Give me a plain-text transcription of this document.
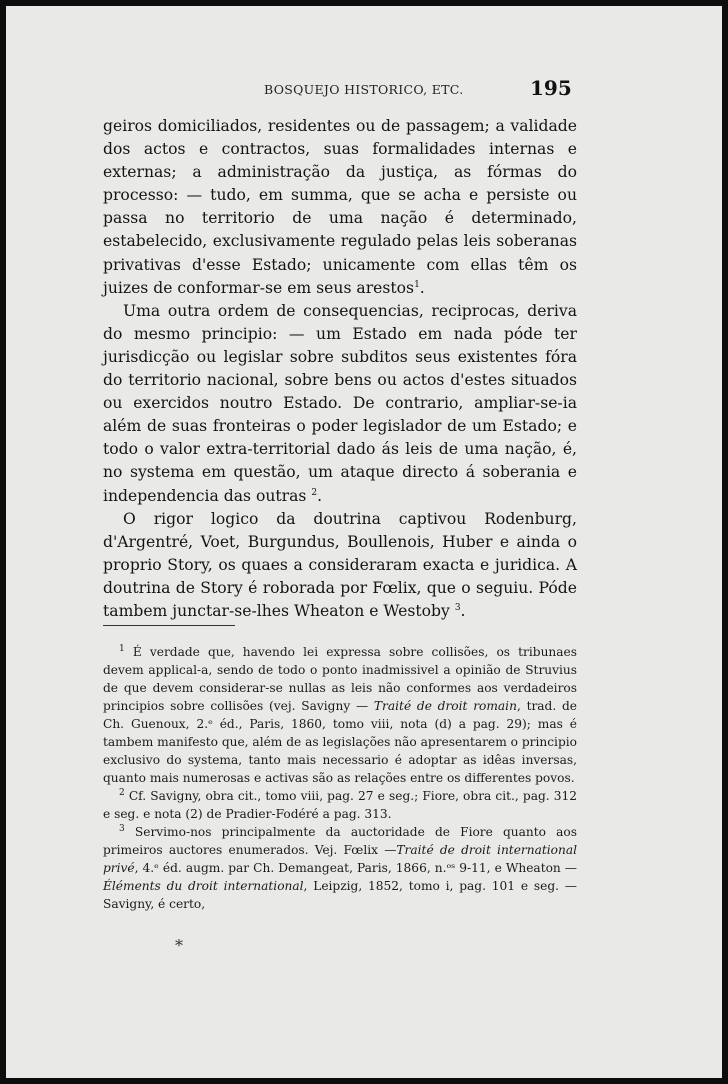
BOSQUEJO HISTORICO, ETC.	195

geiros domiciliados, residentes ou de passagem; a validade dos actos e contractos, suas formalidades internas e externas; a administração da justiça, as fórmas do processo: — tudo, em summa, que se acha e persiste ou passa no territorio de uma nação é determinado, estabelecido, exclusivamente regulado pelas leis soberanas privativas d'esse Estado; unicamente com ellas têm os juizes de conformar-se em seus arestos$^1$.

Uma outra ordem de consequencias, reciprocas, deriva do mesmo principio: — um Estado em nada póde ter jurisdicção ou legislar sobre subditos seus existentes fóra do territorio nacional, sobre bens ou actos d'estes situados ou exercidos noutro Estado. De contrario, ampliar-se-ia além de suas fronteiras o poder legislador de um Estado; e todo o valor extra-territorial dado ás leis de uma nação, é, no systema em questão, um ataque directo á soberania e independencia das outras $^2$.

O rigor logico da doutrina captivou Rodenburg, d'Argentré, Voet, Burgundus, Boullenois, Huber e ainda o proprio Story, os quaes a consideraram exacta e juridica. A doutrina de Story é roborada por Fœlix, que o seguiu. Póde tambem junctar-se-lhes Wheaton e Westoby $^3$.

$^1$ É verdade que, havendo lei expressa sobre collisões, os tribunaes devem applical-a, sendo de todo o ponto inadmissivel a opinião de Struvius de que devem considerar-se nullas as leis não conformes aos verdadeiros principios sobre collisões (vej. Savigny — Traité de droit romain, trad. de Ch. Guenoux, 2.ᵉ éd., Paris, 1860, tomo viii, nota (d) a pag. 29); mas é tambem manifesto que, além de as legislações não apresentarem o principio exclusivo do systema, tanto mais necessario é adoptar as idêas inversas, quanto mais numerosas e activas são as relações entre os differentes povos.

$^2$ Cf. Savigny, obra cit., tomo viii, pag. 27 e seg.; Fiore, obra cit., pag. 312 e seg. e nota (2) de Pradier-Fodéré a pag. 313.

$^3$ Servimo-nos principalmente da auctoridade de Fiore quanto aos primeiros auctores enumerados. Vej. Fœlix —Traité de droit international privé, 4.ᵉ éd. augm. par Ch. Demangeat, Paris, 1866, n.ᵒˢ 9-11, e Wheaton —Éléments du droit international, Leipzig, 1852, tomo i, pag. 101 e seg. — Savigny, é certo,

*
